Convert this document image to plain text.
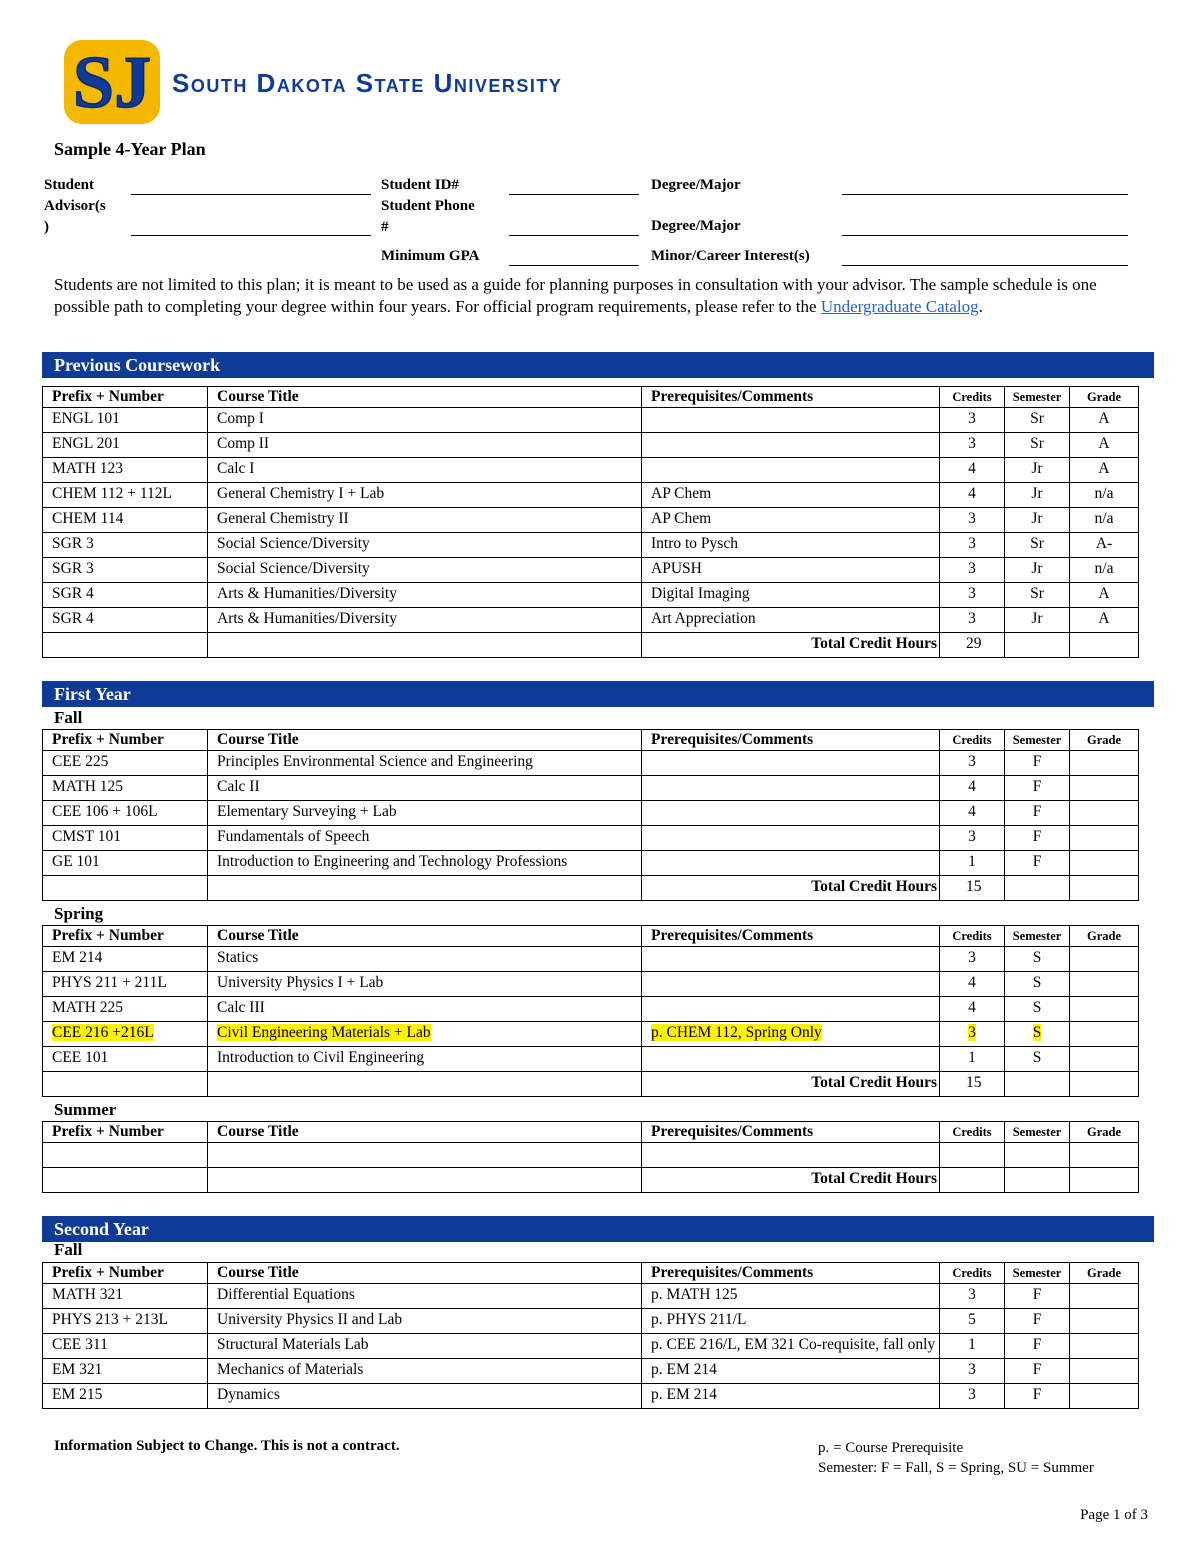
SJ South Dakota State University
Sample 4-Year Plan
Student
Advisor(s
)
Student ID#
Student Phone
#
Minimum GPA
Degree/Major
Degree/Major
Minor/Career Interest(s)
Students are not limited to this plan; it is meant to be used as a guide for planning purposes in consultation with your advisor. The sample schedule is one possible path to completing your degree within four years. For official program requirements, please refer to the Undergraduate Catalog.
Previous Coursework
Prefix + Number	Course Title	Prerequisites/Comments	Credits	Semester	Grade
ENGL 101	Comp I		3	Sr	A
ENGL 201	Comp II		3	Sr	A
MATH 123	Calc I		4	Jr	A
CHEM 112 + 112L	General Chemistry I + Lab	AP Chem	4	Jr	n/a
CHEM 114	General Chemistry II	AP Chem	3	Jr	n/a
SGR 3	Social Science/Diversity	Intro to Pysch	3	Sr	A-
SGR 3	Social Science/Diversity	APUSH	3	Jr	n/a
SGR 4	Arts & Humanities/Diversity	Digital Imaging	3	Sr	A
SGR 4	Arts & Humanities/Diversity	Art Appreciation	3	Jr	A
		Total Credit Hours	29		
First Year
Fall
Prefix + Number	Course Title	Prerequisites/Comments	Credits	Semester	Grade
CEE 225	Principles Environmental Science and Engineering		3	F	
MATH 125	Calc II		4	F	
CEE 106 + 106L	Elementary Surveying + Lab		4	F	
CMST 101	Fundamentals of Speech		3	F	
GE 101	Introduction to Engineering and Technology Professions		1	F	
		Total Credit Hours	15		
Spring
Prefix + Number	Course Title	Prerequisites/Comments	Credits	Semester	Grade
EM 214	Statics		3	S	
PHYS 211 + 211L	University Physics I + Lab		4	S	
MATH 225	Calc III		4	S	
CEE 216 +216L	Civil Engineering Materials + Lab	p. CHEM 112, Spring Only	3	S	
CEE 101	Introduction to Civil Engineering		1	S	
		Total Credit Hours	15		
Summer
Prefix + Number	Course Title	Prerequisites/Comments	Credits	Semester	Grade

		Total Credit Hours			
Second Year
Fall
Prefix + Number	Course Title	Prerequisites/Comments	Credits	Semester	Grade
MATH 321	Differential Equations	p. MATH 125	3	F	
PHYS 213 + 213L	University Physics II and Lab	p. PHYS 211/L	5	F	
CEE 311	Structural Materials Lab	p. CEE 216/L, EM 321 Co-requisite, fall only	1	F	
EM 321	Mechanics of Materials	p. EM 214	3	F	
EM 215	Dynamics	p. EM 214	3	F	
Information Subject to Change. This is not a contract.	p. = Course Prerequisite
Semester: F = Fall, S = Spring, SU = Summer
Page 1 of 3
